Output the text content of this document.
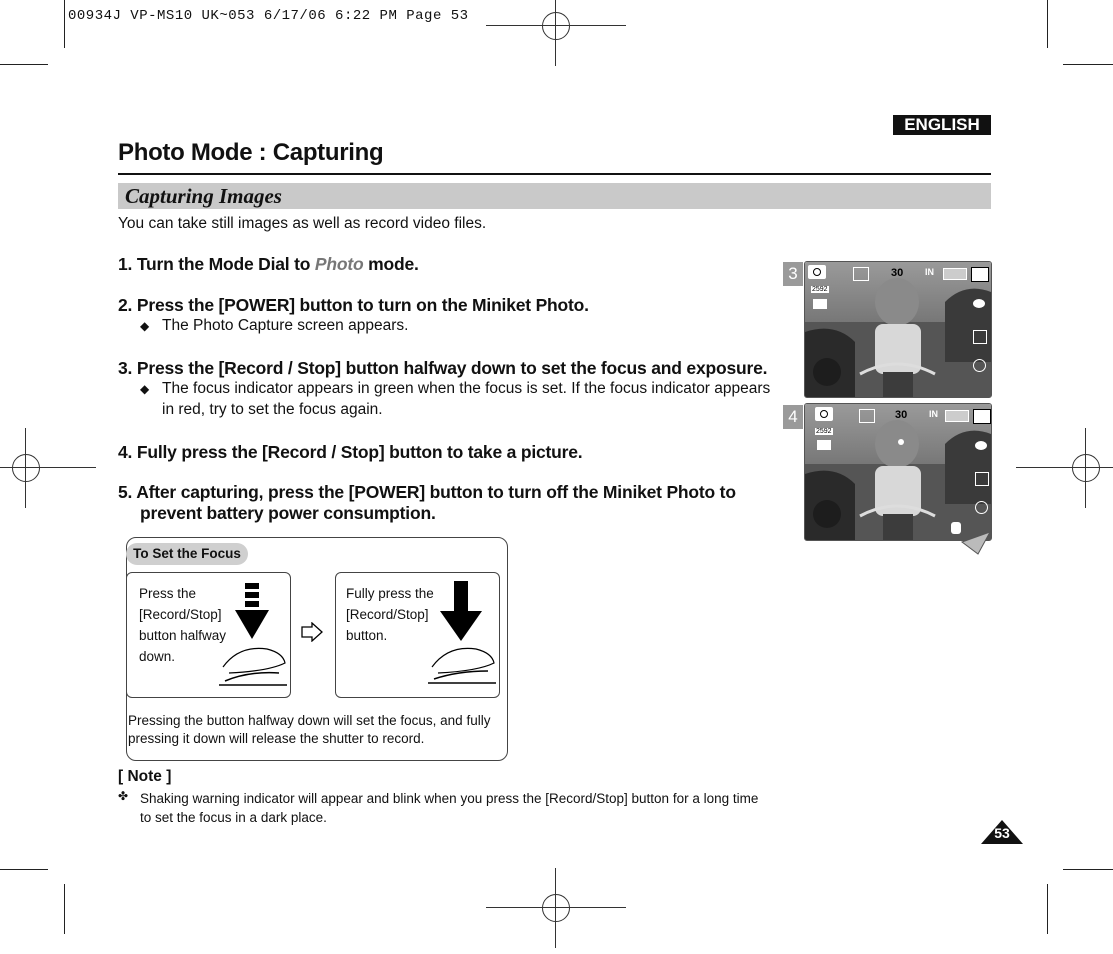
00934J VP-MS10 UK~053 6/17/06 6:22 PM Page 53
ENGLISH
Photo Mode : Capturing
Capturing Images
You can take still images as well as record video files.
1. Turn the Mode Dial to Photo mode.
2. Press the [POWER] button to turn on the Miniket Photo.
◆ The Photo Capture screen appears.
3. Press the [Record / Stop] button halfway down to set the focus and exposure.
◆ The focus indicator appears in green when the focus is set. If the focus indicator appears
in red, try to set the focus again.
4. Fully press the [Record / Stop] button to take a picture.
5. After capturing, press the [POWER] button to turn off the Miniket Photo to
prevent battery power consumption.
3	30 IN
2592
4	30 IN
2592
To Set the Focus
Press the
[Record/Stop]
button halfway
down.
Fully press the
[Record/Stop]
button.
Pressing the button halfway down will set the focus, and fully
pressing it down will release the shutter to record.
[ Note ]
✤ Shaking warning indicator will appear and blink when you press the [Record/Stop] button for a long time
to set the focus in a dark place.
53
